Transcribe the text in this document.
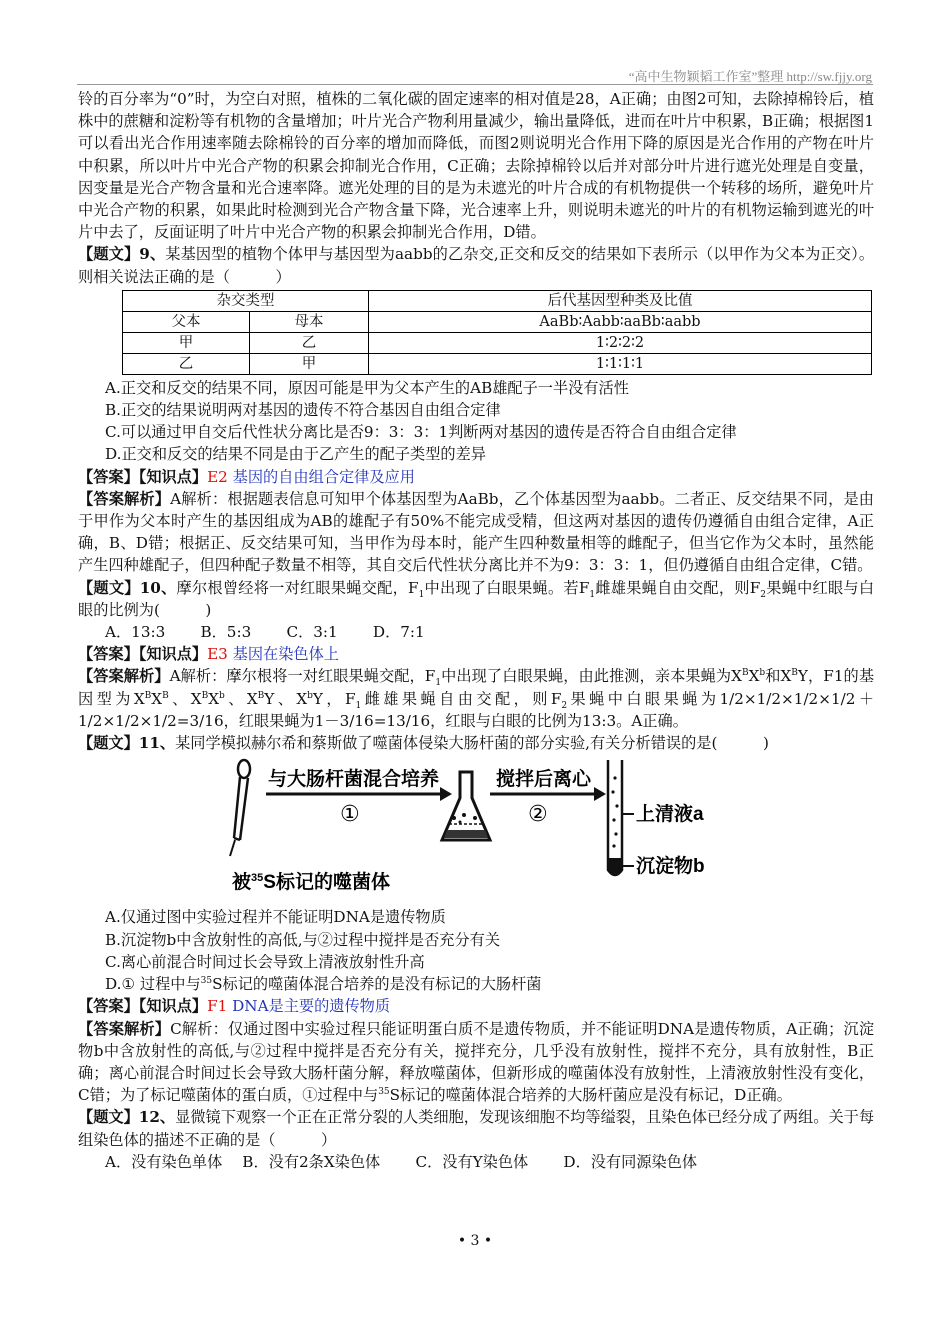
“高中生物颖韬工作室”整理 http://sw.fjjy.org

铃的百分率为“0”时，为空白对照，植株的二氧化碳的固定速率的相对值是28，A正确；由图2可知，去除掉棉铃后，植株中的蔗糖和淀粉等有机物的含量增加；叶片光合产物利用量减少，输出量降低，进而在叶片中积累，B正确；根据图1可以看出光合作用速率随去除棉铃的百分率的增加而降低，而图2则说明光合作用下降的原因是光合作用的产物在叶片中积累，所以叶片中光合产物的积累会抑制光合作用，C正确；去除掉棉铃以后并对部分叶片进行遮光处理是自变量，因变量是光合产物含量和光合速率降。遮光处理的目的是为未遮光的叶片合成的有机物提供一个转移的场所，避免叶片中光合产物的积累，如果此时检测到光合产物含量下降，光合速率上升，则说明未遮光的叶片的有机物运输到遮光的叶片中去了，反面证明了叶片中光合产物的积累会抑制光合作用，D错。

【题文】9、某基因型的植物个体甲与基因型为aabb的乙杂交,正交和反交的结果如下表所示（以甲作为父本为正交）。则相关说法正确的是（　　　）

杂交类型		后代基因型种类及比值
父本	母本	AaBb∶Aabb∶aaBb∶aabb
甲	乙	1∶2∶2∶2
乙	甲	1∶1∶1∶1

A.正交和反交的结果不同，原因可能是甲为父本产生的AB雄配子一半没有活性

B.正交的结果说明两对基因的遗传不符合基因自由组合定律

C.可以通过甲自交后代性状分离比是否9：3：3：1判断两对基因的遗传是否符合自由组合定律

D.正交和反交的结果不同是由于乙产生的配子类型的差异

【答案】【知识点】E2 基因的自由组合定律及应用

【答案解析】A解析：根据题表信息可知甲个体基因型为AaBb，乙个体基因型为aabb。二者正、反交结果不同，是由于甲作为父本时产生的基因组成为AB的雄配子有50%不能完成受精，但这两对基因的遗传仍遵循自由组合定律，A正确，B、D错；根据正、反交结果可知，当甲作为母本时，能产生四种数量相等的雌配子，但当它作为父本时，虽然能产生四种雄配子，但四种配子数量不相等，其自交后代性状分离比并不为9：3：3：1，但仍遵循自由组合定律，C错。

【题文】10、摩尔根曾经将一对红眼果蝇交配，$F_1$中出现了白眼果蝇。若$F_1$雌雄果蝇自由交配，则$F_2$果蝇中红眼与白眼的比例为(　　　)

A．13:3　　 B．5:3　　 C．3:1　　 D．7:1

【答案】【知识点】E3 基因在染色体上

【答案解析】A解析：摩尔根将一对红眼果蝇交配，$F_1$中出现了白眼果蝇，由此推测，亲本果蝇为$X^BX^b$和$X^BY$，F1的基因型为$X^BX^B$、$X^BX^b$、$X^BY$、$X^bY$，$F_1$雌雄果蝇自由交配，则$F_2$果蝇中白眼果蝇为1/2×1/2×1/2×1/2＋1/2×1/2×1/2=3/16，红眼果蝇为1－3/16=13/16，红眼与白眼的比例为13:3。A正确。

【题文】11、某同学模拟赫尔希和蔡斯做了噬菌体侵染大肠杆菌的部分实验,有关分析错误的是(　　　)

与大肠杆菌混合培养
①
搅拌后离心
②	上清液a
沉淀物b
被$^{35}$S标记的噬菌体

A.仅通过图中实验过程并不能证明DNA是遗传物质

B.沉淀物b中含放射性的高低,与②过程中搅拌是否充分有关

C.离心前混合时间过长会导致上清液放射性升高

D.① 过程中与$^{35}$S标记的噬菌体混合培养的是没有标记的大肠杆菌

【答案】【知识点】F1 DNA是主要的遗传物质

【答案解析】C解析：仅通过图中实验过程只能证明蛋白质不是遗传物质，并不能证明DNA是遗传物质，A正确；沉淀物b中含放射性的高低,与②过程中搅拌是否充分有关，搅拌充分，几乎没有放射性，搅拌不充分，具有放射性，B正确；离心前混合时间过长会导致大肠杆菌分解，释放噬菌体，但新形成的噬菌体没有放射性，上清液放射性没有变化，C错；为了标记噬菌体的蛋白质，①过程中与$^{35}$S标记的噬菌体混合培养的大肠杆菌应是没有标记，D正确。

【题文】12、显微镜下观察一个正在正常分裂的人类细胞，发现该细胞不均等缢裂，且染色体已经分成了两组。关于每组染色体的描述不正确的是（　　　）

A．没有染色单体　 B．没有2条X染色体　　 C．没有Y染色体　　 D．没有同源染色体

• 3 •
